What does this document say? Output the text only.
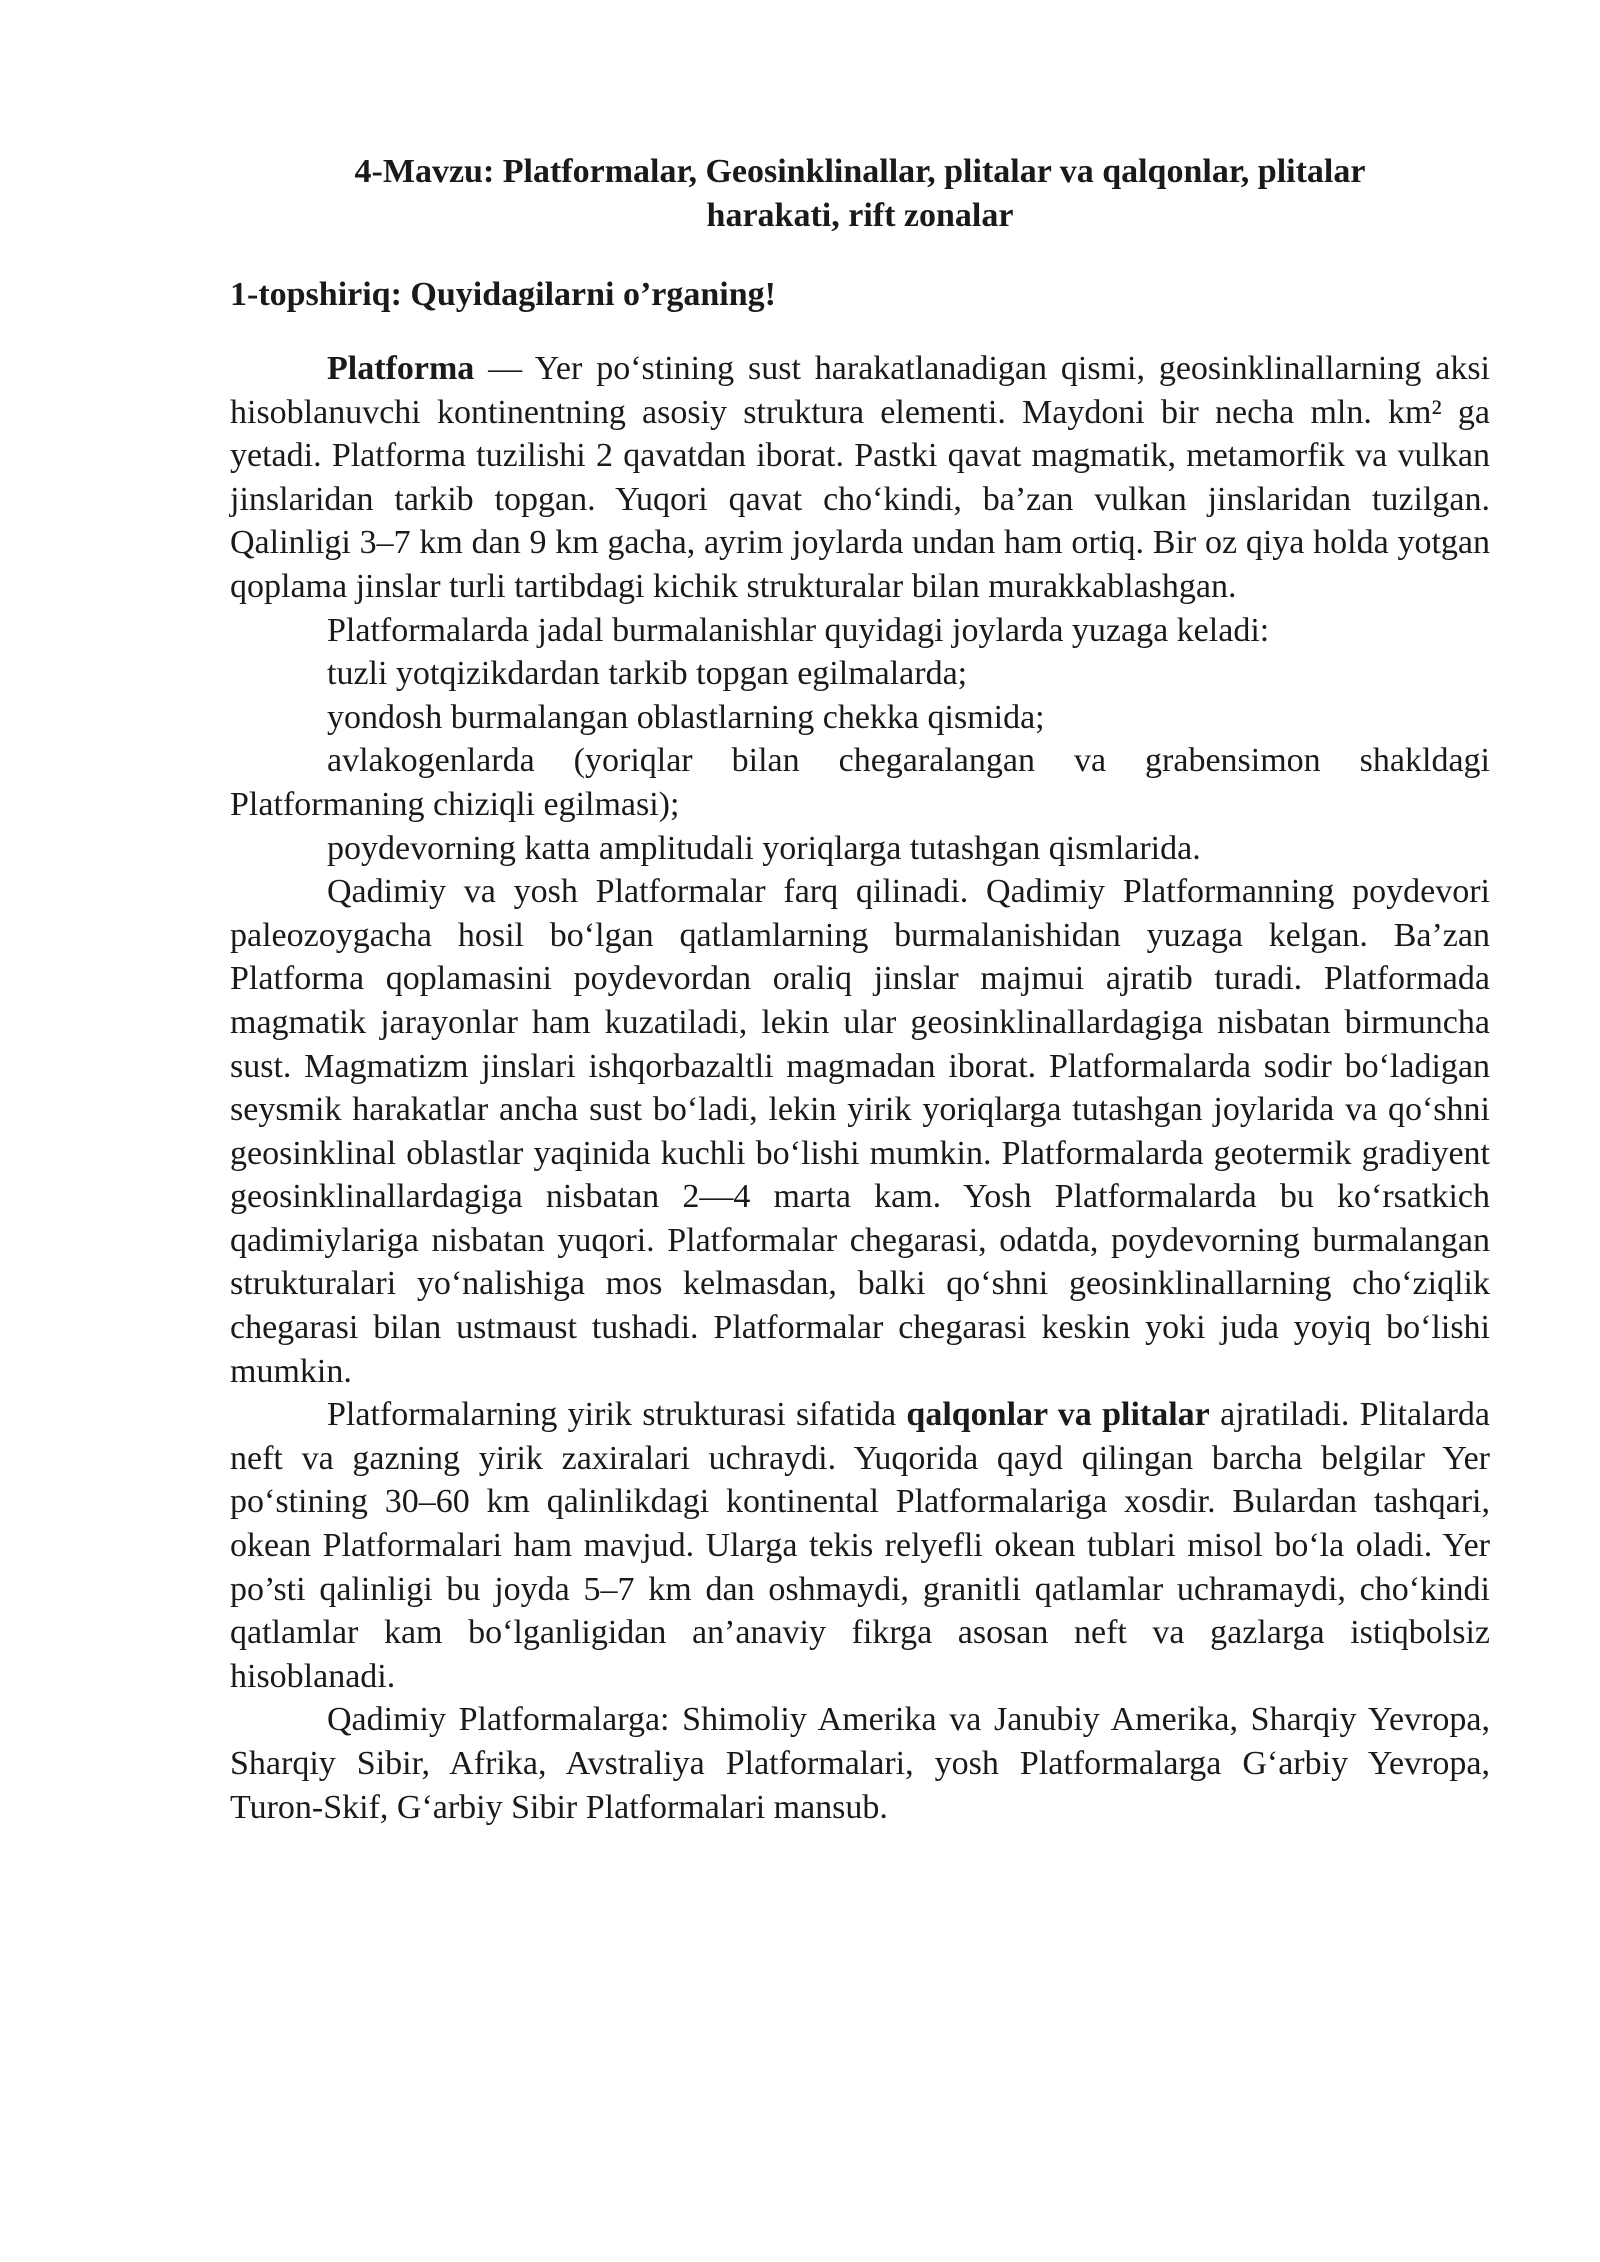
4-Mavzu: Platformalar, Geosinklinallar, plitalar va qalqonlar, plitalar
harakati, rift zonalar
1-topshiriq: Quyidagilarni o’rganing!

Platforma — Yer po‘stining sust harakatlanadigan qismi, geosinklinallarning aksi hisoblanuvchi kontinentning asosiy struktura elementi. Maydoni bir necha mln. km² ga yetadi. Platforma tuzilishi 2 qavatdan iborat. Pastki qavat magmatik, metamorfik va vulkan jinslaridan tarkib topgan. Yuqori qavat cho‘kindi, ba’zan vulkan jinslaridan tuzilgan. Qalinligi 3–7 km dan 9 km gacha, ayrim joylarda undan ham ortiq. Bir oz qiya holda yotgan qoplama jinslar turli tartibdagi kichik strukturalar bilan murakkablashgan.

Platformalarda jadal burmalanishlar quyidagi joylarda yuzaga keladi:

tuzli yotqizikdardan tarkib topgan egilmalarda;

yondosh burmalangan oblastlarning chekka qismida;

avlakogenlarda (yoriqlar bilan chegaralangan va grabensimon shakldagi Platformaning chiziqli egilmasi);

poydevorning katta amplitudali yoriqlarga tutashgan qismlarida.

Qadimiy va yosh Platformalar farq qilinadi. Qadimiy Platformanning poydevori paleozoygacha hosil bo‘lgan qatlamlarning burmalanishidan yuzaga kelgan. Ba’zan Platforma qoplamasini poydevordan oraliq jinslar majmui ajratib turadi. Platformada magmatik jarayonlar ham kuzatiladi, lekin ular geosinklinallardagiga nisbatan birmuncha sust. Magmatizm jinslari ishqorbazaltli magmadan iborat. Platformalarda sodir bo‘ladigan seysmik harakatlar ancha sust bo‘ladi, lekin yirik yoriqlarga tutashgan joylarida va qo‘shni geosinklinal oblastlar yaqinida kuchli bo‘lishi mumkin. Platformalarda geotermik gradiyent geosinklinallardagiga nisbatan 2—4 marta kam. Yosh Platformalarda bu ko‘rsatkich qadimiylariga nisbatan yuqori. Platformalar chegarasi, odatda, poydevorning burmalangan strukturalari yo‘nalishiga mos kelmasdan, balki qo‘shni geosinklinallarning cho‘ziqlik chegarasi bilan ustmaust tushadi. Platformalar chegarasi keskin yoki juda yoyiq bo‘lishi mumkin.

Platformalarning yirik strukturasi sifatida qalqonlar va plitalar ajratiladi. Plitalarda neft va gazning yirik zaxiralari uchraydi. Yuqorida qayd qilingan barcha belgilar Yer po‘stining 30–60 km qalinlikdagi kontinental Platformalariga xosdir. Bulardan tashqari, okean Platformalari ham mavjud. Ularga tekis relyefli okean tublari misol bo‘la oladi. Yer po’sti qalinligi bu joyda 5–7 km dan oshmaydi, granitli qatlamlar uchramaydi, cho‘kindi qatlamlar kam bo‘lganligidan an’anaviy fikrga asosan neft va gazlarga istiqbolsiz hisoblanadi.

Qadimiy Platformalarga: Shimoliy Amerika va Janubiy Amerika, Sharqiy Yevropa, Sharqiy Sibir, Afrika, Avstraliya Platformalari, yosh Platformalarga G‘arbiy Yevropa, Turon-Skif, G‘arbiy Sibir Platformalari mansub.
